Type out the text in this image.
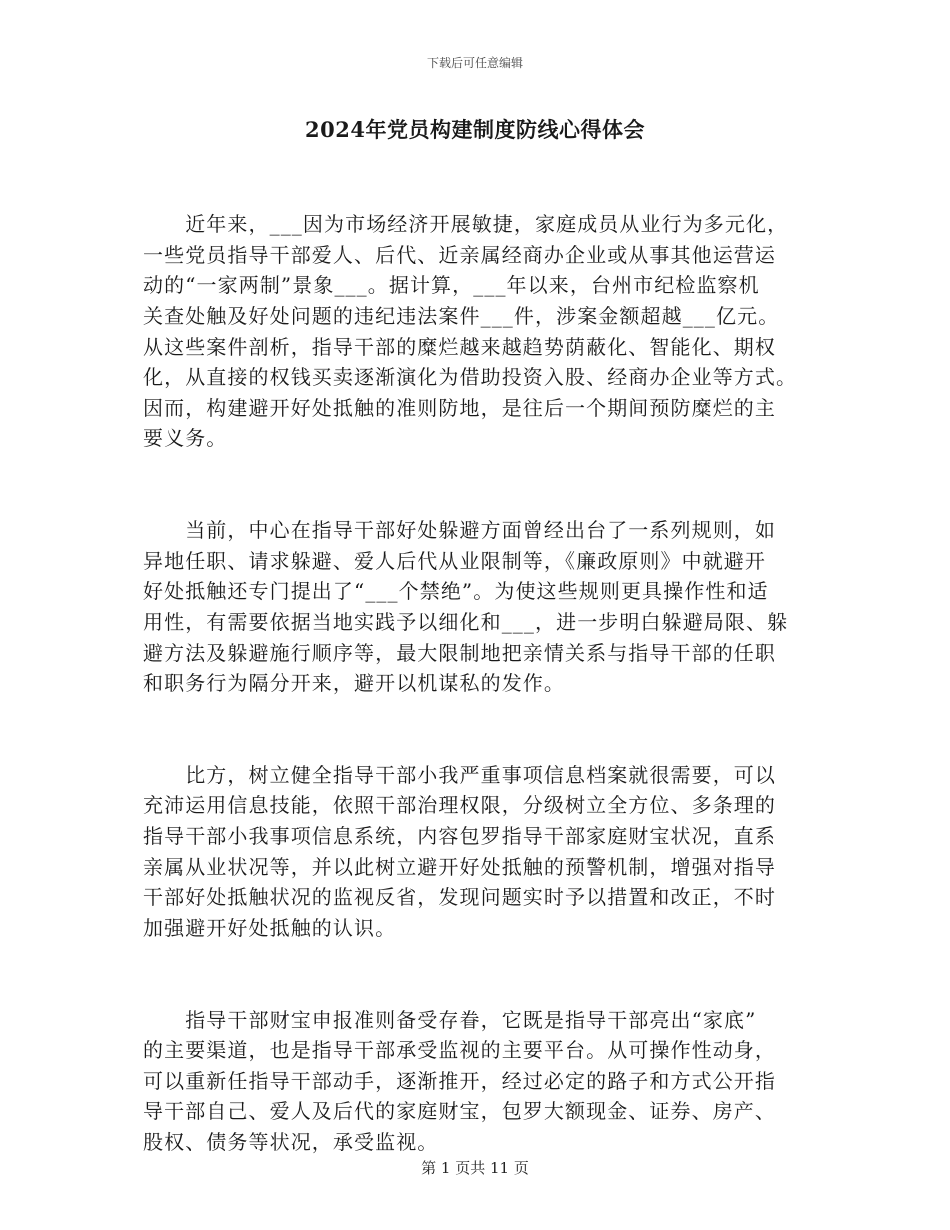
下载后可任意编辑
2024年党员构建制度防线心得体会

　　近年来，___因为市场经济开展敏捷，家庭成员从业行为多元化，
一些党员指导干部爱人、后代、近亲属经商办企业或从事其他运营运
动的“一家两制”景象___。据计算，___年以来，台州市纪检监察机
关查处触及好处问题的违纪违法案件___件，涉案金额超越___亿元。
从这些案件剖析，指导干部的糜烂越来越趋势荫蔽化、智能化、期权
化，从直接的权钱买卖逐渐演化为借助投资入股、经商办企业等方式。
因而，构建避开好处抵触的准则防地，是往后一个期间预防糜烂的主
要义务。

　　当前，中心在指导干部好处躲避方面曾经出台了一系列规则，如
异地任职、请求躲避、爱人后代从业限制等，《廉政原则》中就避开
好处抵触还专门提出了“___个禁绝”。为使这些规则更具操作性和适
用性，有需要依据当地实践予以细化和___，进一步明白躲避局限、躲
避方法及躲避施行顺序等，最大限制地把亲情关系与指导干部的任职
和职务行为隔分开来，避开以机谋私的发作。

　　比方，树立健全指导干部小我严重事项信息档案就很需要，可以
充沛运用信息技能，依照干部治理权限，分级树立全方位、多条理的
指导干部小我事项信息系统，内容包罗指导干部家庭财宝状况，直系
亲属从业状况等，并以此树立避开好处抵触的预警机制，增强对指导
干部好处抵触状况的监视反省，发现问题实时予以措置和改正，不时
加强避开好处抵触的认识。

　　指导干部财宝申报准则备受存眷，它既是指导干部亮出“家底”
的主要渠道，也是指导干部承受监视的主要平台。从可操作性动身，
可以重新任指导干部动手，逐渐推开，经过必定的路子和方式公开指
导干部自己、爱人及后代的家庭财宝，包罗大额现金、证券、房产、
股权、债务等状况，承受监视。

第 1 页共 11 页
